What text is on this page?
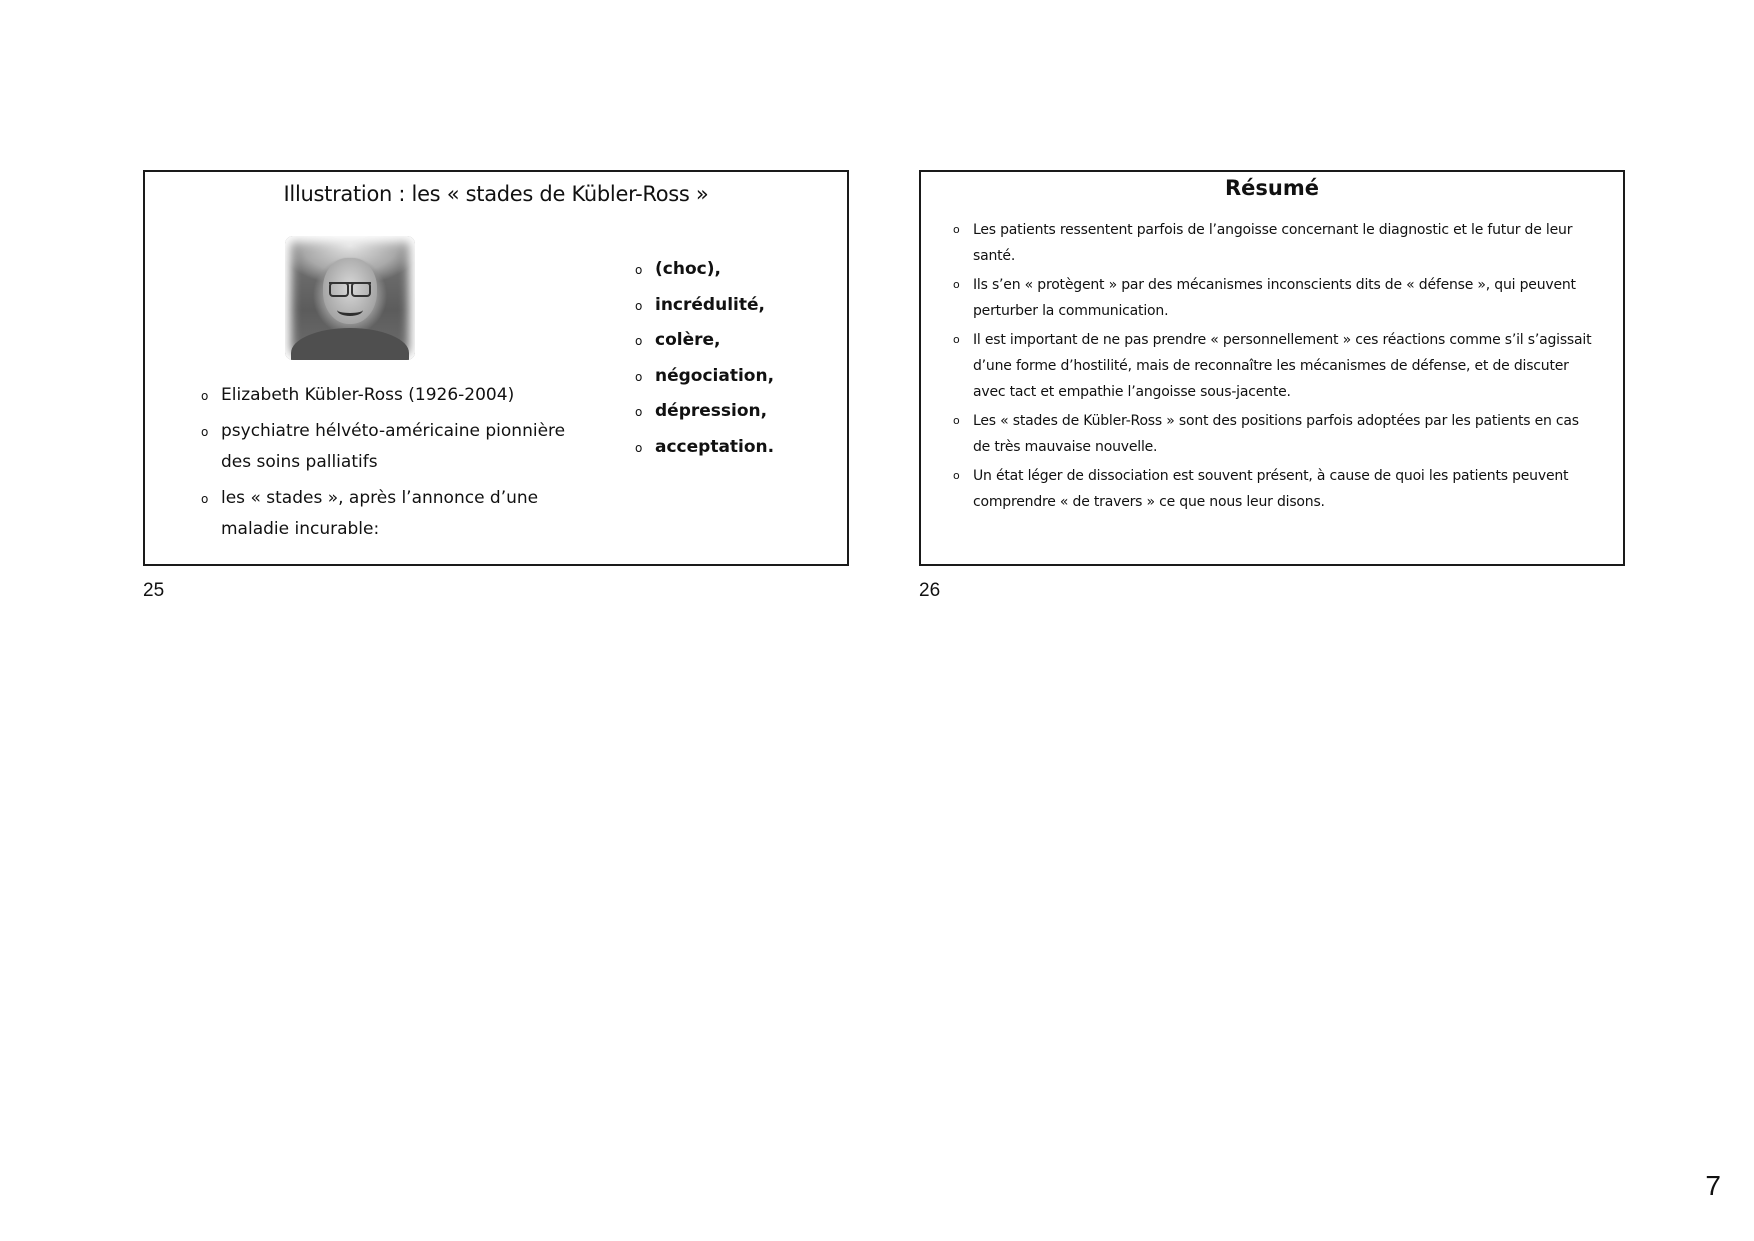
Illustration : les « stades de Kübler-Ross »
o Elizabeth Kübler-Ross (1926-2004)
o psychiatre hélvéto-américaine pionnière des soins palliatifs
o les « stades », après l’annonce d’une maladie incurable:
o (choc),
o incrédulité,
o colère,
o négociation,
o dépression,
o acceptation.
25
Résumé
o Les patients ressentent parfois de l’angoisse concernant le diagnostic et le futur de leur santé.
o Ils s’en « protègent » par des mécanismes inconscients dits de « défense », qui peuvent perturber la communication.
o Il est important de ne pas prendre « personnellement » ces réactions comme s’il s’agissait d’une forme d’hostilité, mais de reconnaître les mécanismes de défense, et de discuter avec tact et empathie l’angoisse sous-jacente.
o Les « stades de Kübler-Ross » sont des positions parfois adoptées par les patients en cas de très mauvaise nouvelle.
o Un état léger de dissociation est souvent présent, à cause de quoi les patients peuvent comprendre « de travers » ce que nous leur disons.
26
7
